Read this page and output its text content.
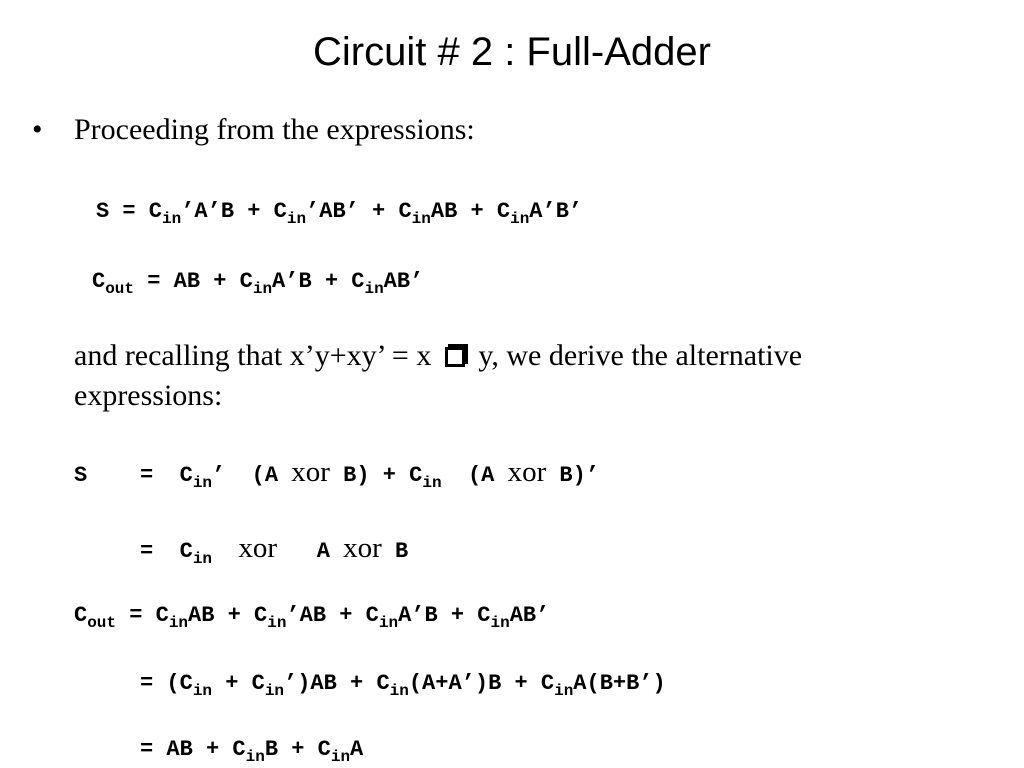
Circuit # 2 : Full-Adder
• Proceeding from the expressions:
$S = C_{in}’A’B$ + $C_{in}’AB$’ + $C_{in}AB$ + $C_{in}A’B$’
$C_{out}$ = AB + $C_{in}A’B + C_{in}AB$’
and recalling that x’y+xy’ = x  y, we derive the alternative
expressions:
S    =  $C_{in}$’  (A xor $B) + C_{in}$  (A xor B)’
=  $C_{in}$ xor A xor B
$C_{out} = C_{in}AB$ + $C_{in}’AB$ + $C_{in}A’B + C_{in}AB$’
= ($C_{in}$ + $C_{in}’)AB$ + $C_{in}(A+A’)B$ + $C_{in}A(B+B’)$
= AB + $C_{in}B + C_{in}A$
